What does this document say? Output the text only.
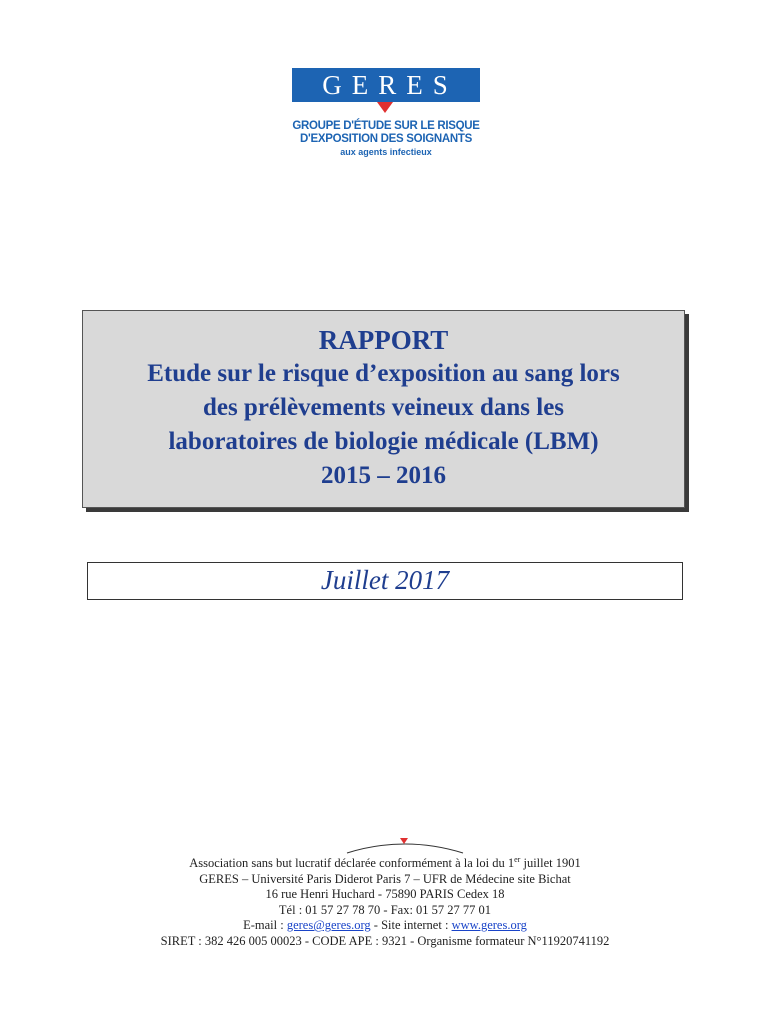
GERES
GROUPE D'ÉTUDE SUR LE RISQUE
D'EXPOSITION DES SOIGNANTS
aux agents infectieux
RAPPORT
Etude sur le risque d’exposition au sang lors
des prélèvements veineux dans les
laboratoires de biologie médicale (LBM)
2015 – 2016
Juillet 2017
Association sans but lucratif déclarée conformément à la loi du 1er juillet 1901
GERES – Université Paris Diderot Paris 7 – UFR de Médecine site Bichat
16 rue Henri Huchard - 75890 PARIS Cedex 18
Tél : 01 57 27 78 70 - Fax: 01 57 27 77 01
E-mail : geres@geres.org - Site internet : www.geres.org
SIRET : 382 426 005 00023 - CODE APE : 9321 - Organisme formateur N°11920741192
